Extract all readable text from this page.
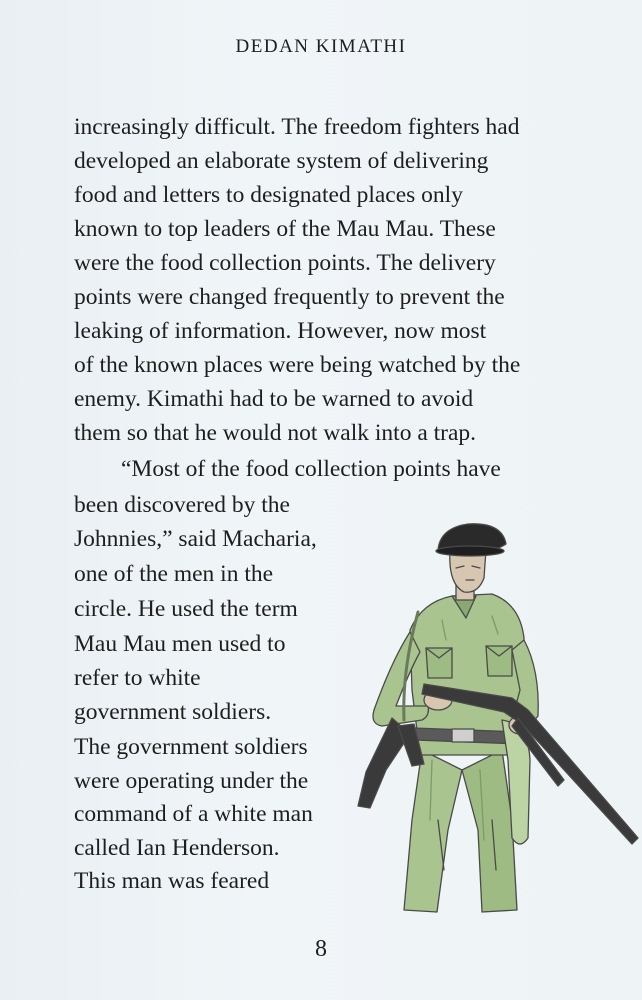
DEDAN KIMATHI
increasingly difficult. The freedom fighters had
developed an elaborate system of delivering
food and letters to designated places only
known to top leaders of the Mau Mau. These
were the food collection points. The delivery
points were changed frequently to prevent the
leaking of information. However, now most
of the known places were being watched by the
enemy. Kimathi had to be warned to avoid
them so that he would not walk into a trap.
“Most of the food collection points have
been discovered by the
Johnnies,” said Macharia,
one of the men in the
circle. He used the term
Mau Mau men used to
refer to white
government soldiers.
The government soldiers
were operating under the
command of a white man
called Ian Henderson.
This man was feared
8
